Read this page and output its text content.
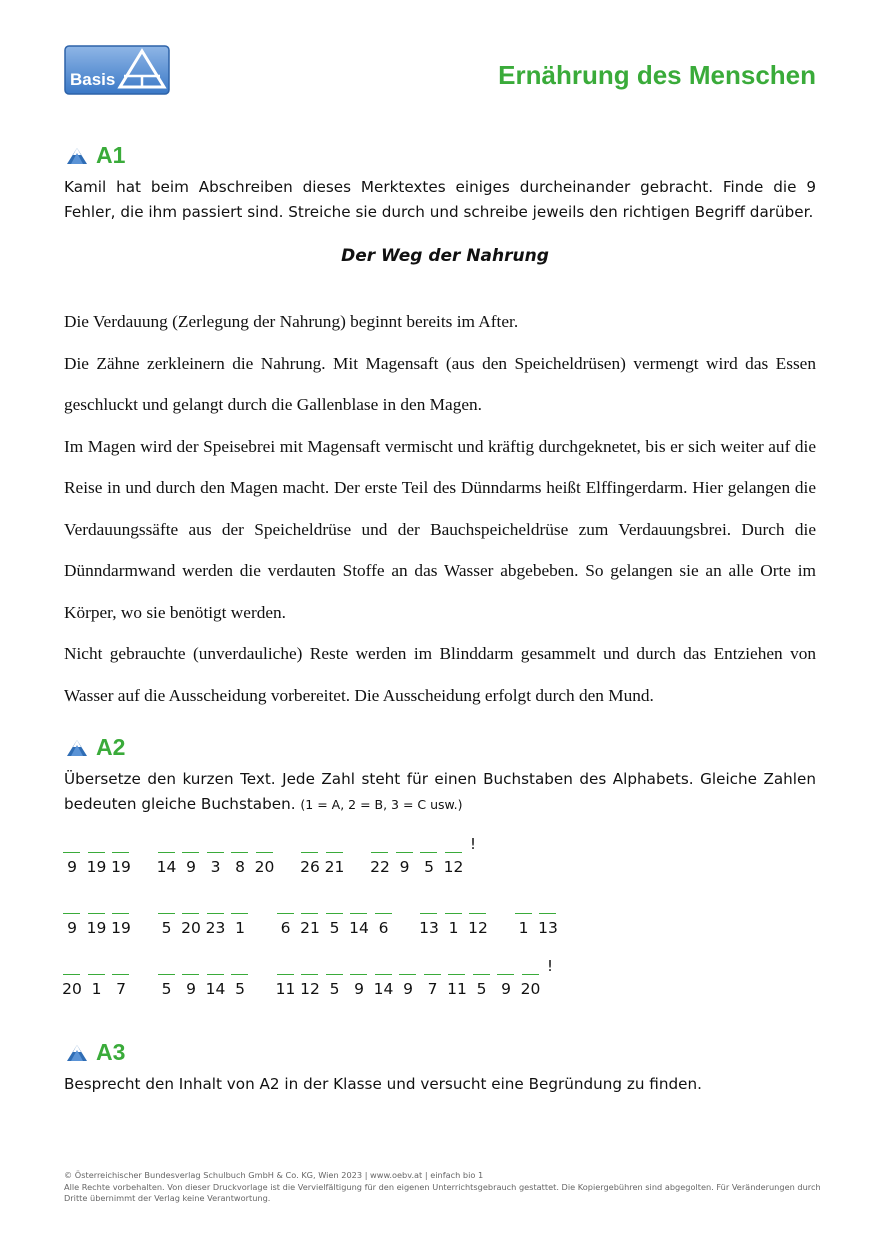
Basis	Ernährung des Menschen
A1
Kamil hat beim Abschreiben dieses Merktextes einiges durcheinander gebracht. Finde die 9 Fehler, die ihm passiert sind. Streiche sie durch und schreibe jeweils den richtigen Begriff darüber.
Der Weg der Nahrung

Die Verdauung (Zerlegung der Nahrung) beginnt bereits im After.

Die Zähne zerkleinern die Nahrung. Mit Magensaft (aus den Speicheldrüsen) vermengt wird das Essen geschluckt und gelangt durch die Gallenblase in den Magen.

Im Magen wird der Speisebrei mit Magensaft vermischt und kräftig durchgeknetet, bis er sich weiter auf die Reise in und durch den Magen macht. Der erste Teil des Dünndarms heißt Elffingerdarm. Hier gelangen die Verdauungssäfte aus der Speicheldrüse und der Bauchspeicheldrüse zum Verdauungsbrei. Durch die Dünndarmwand werden die verdauten Stoffe an das Wasser abgebeben. So gelangen sie an alle Orte im Körper, wo sie benötigt werden.

Nicht gebrauchte (unverdauliche) Reste werden im Blinddarm gesammelt und durch das Entziehen von Wasser auf die Ausscheidung vorbereitet. Die Ausscheidung erfolgt durch den Mund.

A2
Übersetze den kurzen Text. Jede Zahl steht für einen Buchstaben des Alphabets. Gleiche Zahlen bedeuten gleiche Buchstaben. (1 = A, 2 = B, 3 = C usw.)
9 19 19 14 9 3 8 20 26 21 22 9 5 12
!
9 19 19	5 20 23 1	6 21 5 14 6	13 1 12	1 13
20 1 7	5 9 14 5	11 12 5 9 14 9 7 11 5 9 20
!
A3
Besprecht den Inhalt von A2 in der Klasse und versucht eine Begründung zu finden.
© Österreichischer Bundesverlag Schulbuch GmbH & Co. KG, Wien 2023 | www.oebv.at | einfach bio 1
Alle Rechte vorbehalten. Von dieser Druckvorlage ist die Vervielfältigung für den eigenen Unterrichtsgebrauch gestattet. Die Kopiergebühren sind abgegolten. Für Veränderungen durch Dritte übernimmt der Verlag keine Verantwortung.
